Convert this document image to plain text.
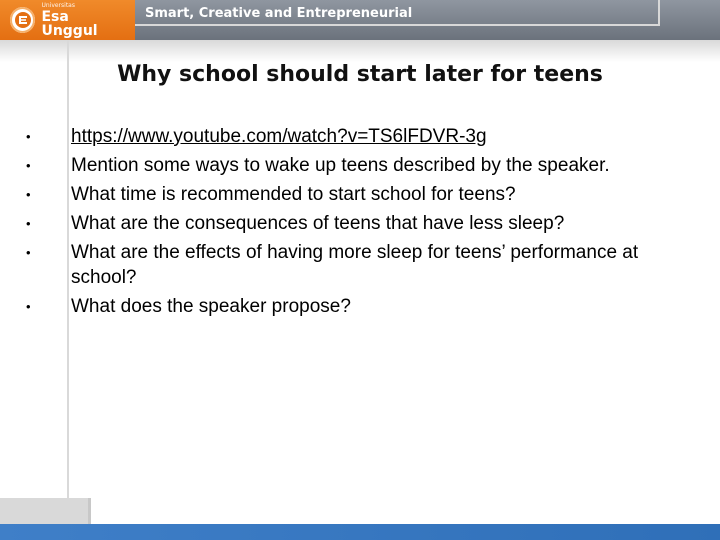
Universitas
Esa Unggul
Smart, Creative and Entrepreneurial
Why school should start later for teens
•	https://www.youtube.com/watch?v=TS6lFDVR-3g
•	Mention some ways to wake up teens described by the speaker.
•	What time is recommended to start school for teens?
•	What are the consequences of teens that have less sleep?
•	What are the effects of having more sleep for teens’ performance at school?
•	What does the speaker propose?
